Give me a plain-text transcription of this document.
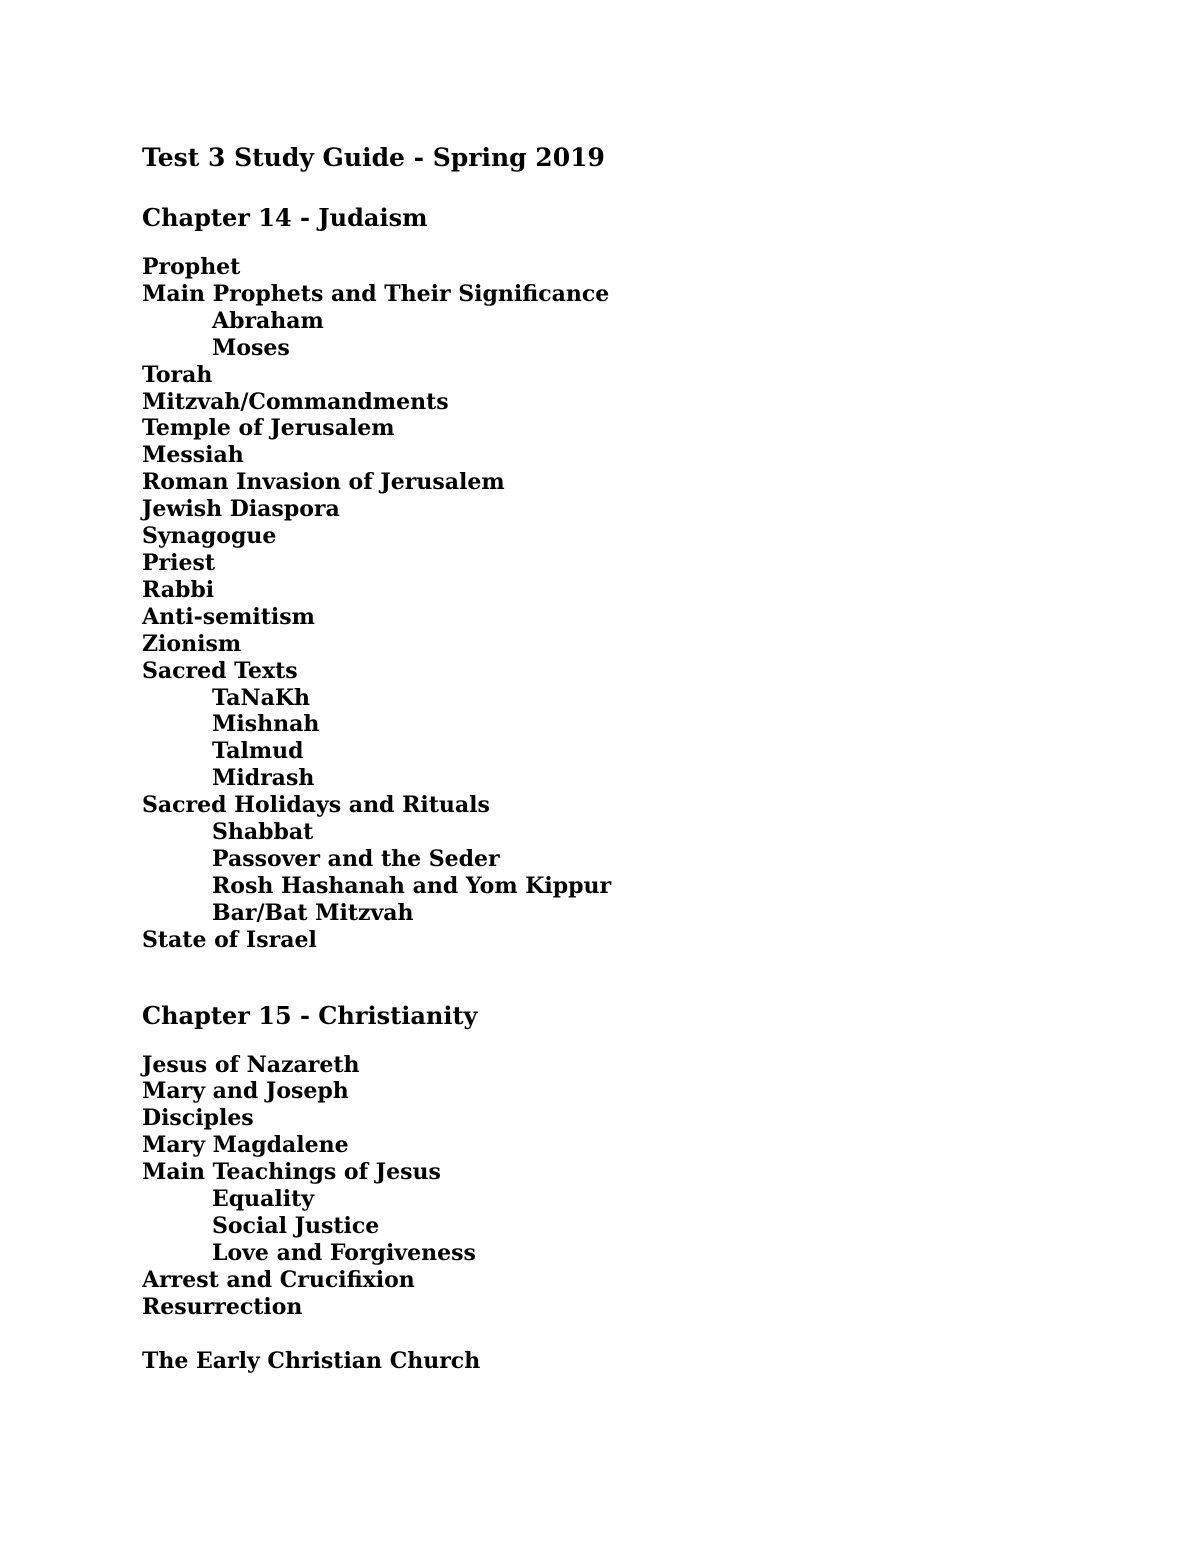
Test 3 Study Guide - Spring 2019
Chapter 14 - Judaism
Prophet
Main Prophets and Their Significance
Abraham
Moses
Torah
Mitzvah/Commandments
Temple of Jerusalem
Messiah
Roman Invasion of Jerusalem
Jewish Diaspora
Synagogue
Priest
Rabbi
Anti-semitism
Zionism
Sacred Texts
TaNaKh
Mishnah
Talmud
Midrash
Sacred Holidays and Rituals
Shabbat
Passover and the Seder
Rosh Hashanah and Yom Kippur
Bar/Bat Mitzvah
State of Israel
Chapter 15 - Christianity
Jesus of Nazareth
Mary and Joseph
Disciples
Mary Magdalene
Main Teachings of Jesus
Equality
Social Justice
Love and Forgiveness
Arrest and Crucifixion
Resurrection
The Early Christian Church
